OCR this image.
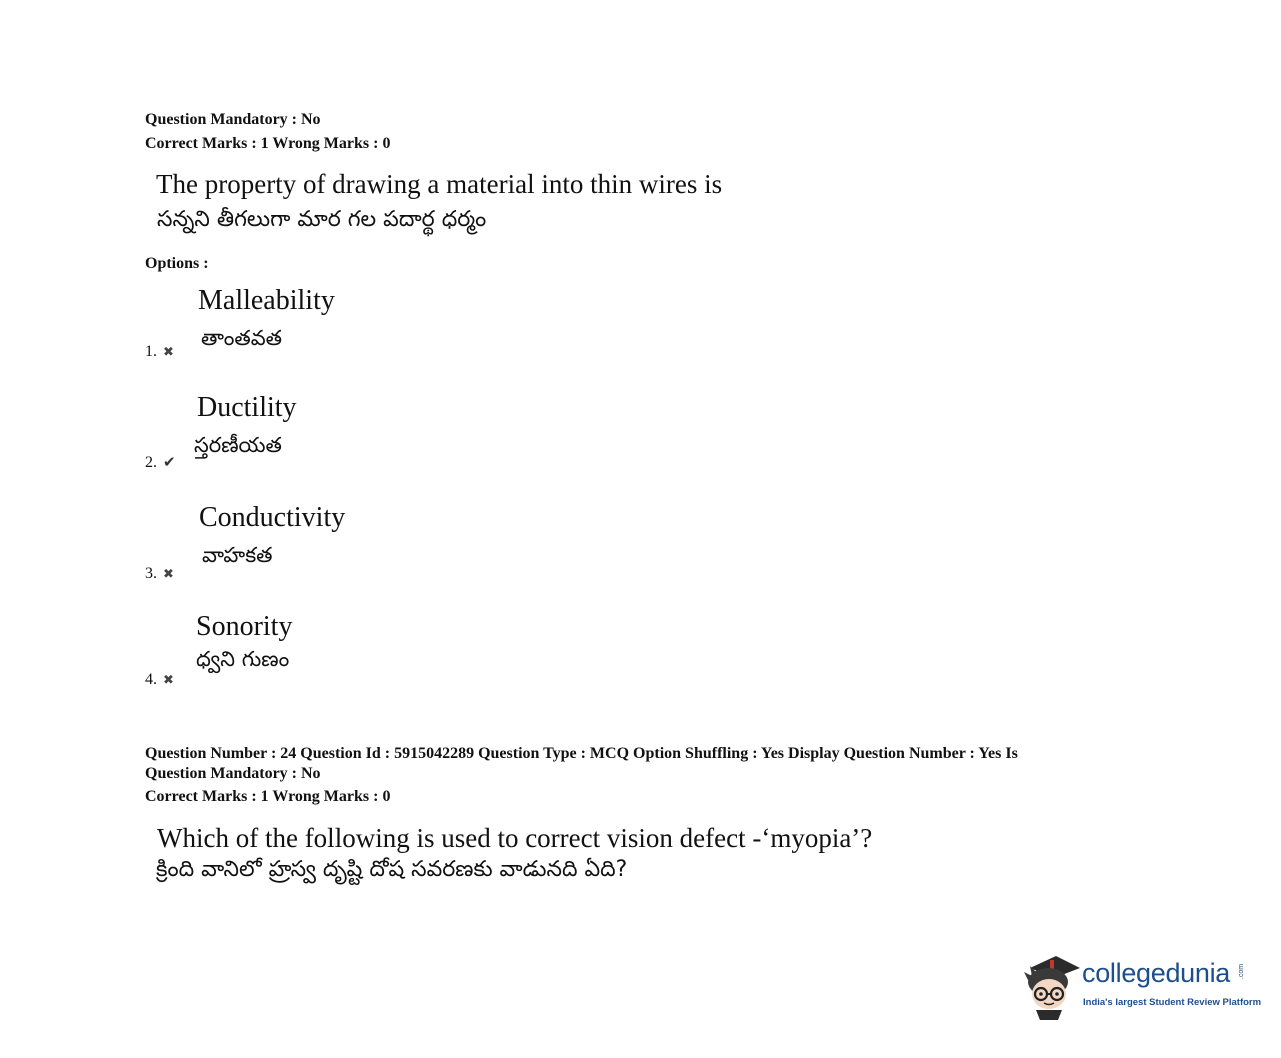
Question Mandatory : No
Correct Marks : 1 Wrong Marks : 0
The property of drawing a material into thin wires is
సన్నని తీగలుగా మార గల పదార్థ ధర్మం
Options :
Malleability
తాంతవత
1. ✖
Ductility
స్తరణీయత
2. ✔
Conductivity
వాహకత
3. ✖
Sonority
ధ్వని గుణం
4. ✖
Question Number : 24 Question Id : 5915042289 Question Type : MCQ Option Shuffling : Yes Display Question Number : Yes Is
Question Mandatory : No
Correct Marks : 1 Wrong Marks : 0
Which of the following is used to correct vision defect -‘myopia’?
క్రింది వానిలో హ్రస్వ దృష్టి దోష సవరణకు వాడునది ఏది?
collegedunia .com
India's largest Student Review Platform
